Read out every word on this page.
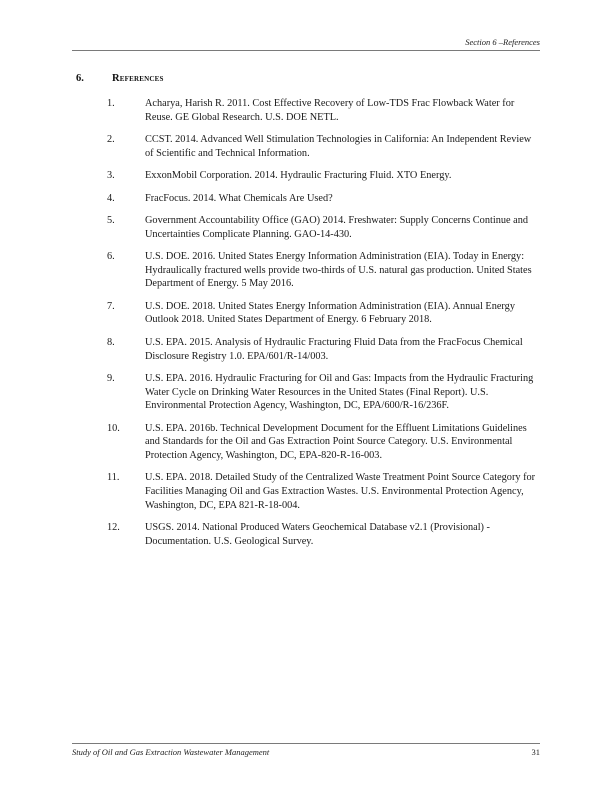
Section 6 –References
6.	References
1.	Acharya, Harish R. 2011. Cost Effective Recovery of Low-TDS Frac Flowback Water for Reuse. GE Global Research. U.S. DOE NETL.
2.	CCST. 2014. Advanced Well Stimulation Technologies in California: An Independent Review of Scientific and Technical Information.
3.	ExxonMobil Corporation. 2014. Hydraulic Fracturing Fluid. XTO Energy.
4.	FracFocus. 2014. What Chemicals Are Used?
5.	Government Accountability Office (GAO) 2014. Freshwater: Supply Concerns Continue and Uncertainties Complicate Planning. GAO-14-430.
6.	U.S. DOE. 2016. United States Energy Information Administration (EIA). Today in Energy: Hydraulically fractured wells provide two-thirds of U.S. natural gas production. United States Department of Energy. 5 May 2016.
7.	U.S. DOE. 2018. United States Energy Information Administration (EIA). Annual Energy Outlook 2018. United States Department of Energy. 6 February 2018.
8.	U.S. EPA. 2015. Analysis of Hydraulic Fracturing Fluid Data from the FracFocus Chemical Disclosure Registry 1.0. EPA/601/R-14/003.
9.	U.S. EPA. 2016. Hydraulic Fracturing for Oil and Gas: Impacts from the Hydraulic Fracturing Water Cycle on Drinking Water Resources in the United States (Final Report). U.S. Environmental Protection Agency, Washington, DC, EPA/600/R-16/236F.
10.	U.S. EPA. 2016b. Technical Development Document for the Effluent Limitations Guidelines and Standards for the Oil and Gas Extraction Point Source Category. U.S. Environmental Protection Agency, Washington, DC, EPA-820-R-16-003.
11.	U.S. EPA. 2018. Detailed Study of the Centralized Waste Treatment Point Source Category for Facilities Managing Oil and Gas Extraction Wastes. U.S. Environmental Protection Agency, Washington, DC, EPA 821-R-18-004.
12.	USGS. 2014. National Produced Waters Geochemical Database v2.1 (Provisional) - Documentation. U.S. Geological Survey.
Study of Oil and Gas Extraction Wastewater Management	31
